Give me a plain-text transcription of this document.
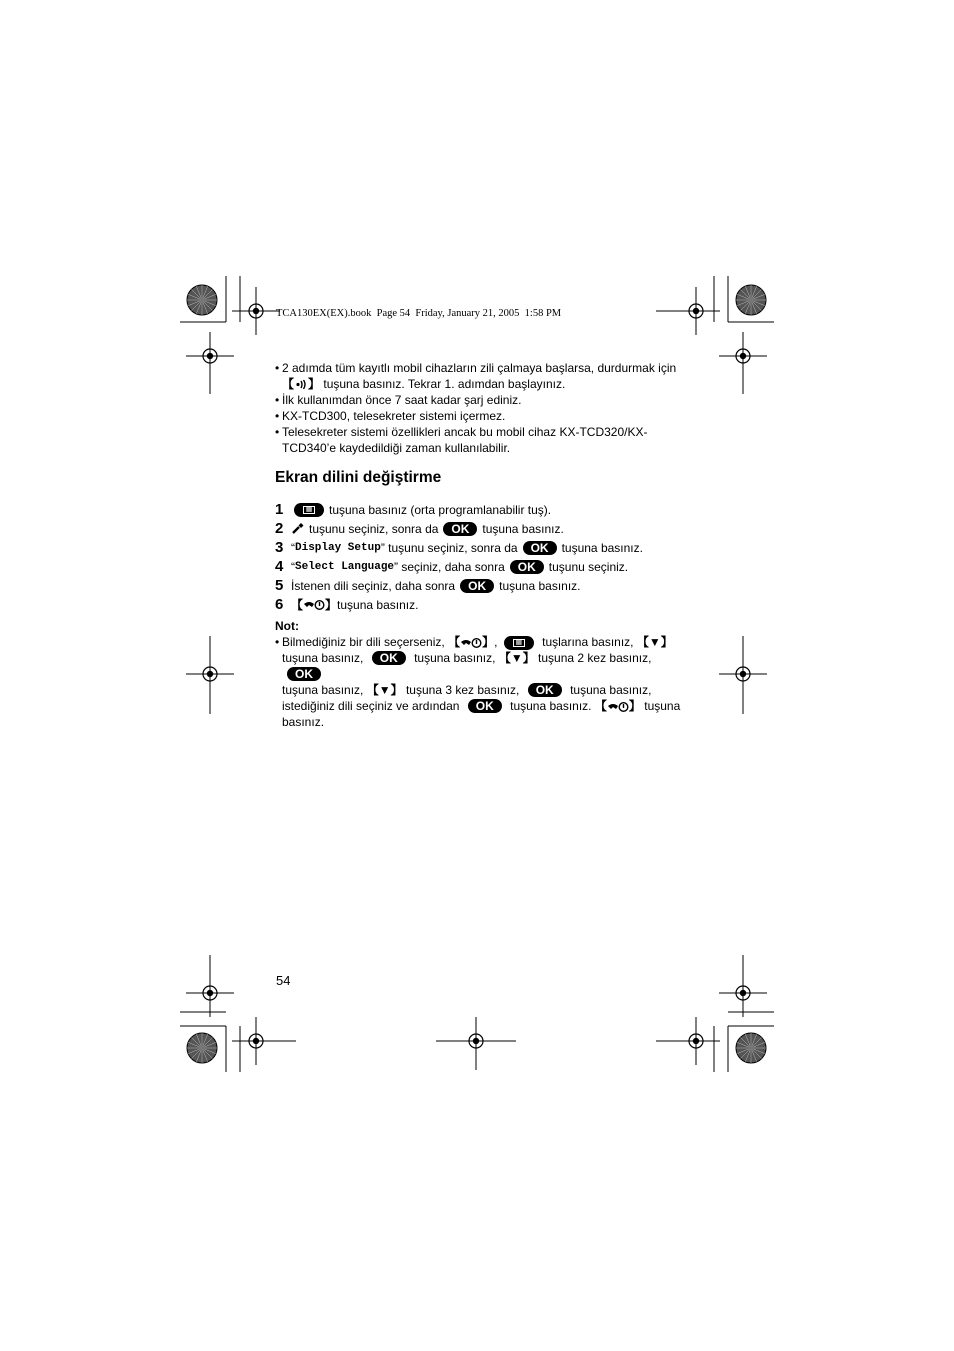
TCA130EX(EX).book  Page 54  Friday, January 21, 2005  1:58 PM
• 2 adımda tüm kayıtlı mobil cihazların zili çalmaya başlarsa, durdurmak için
【 】 tuşuna basınız. Tekrar 1. adımdan başlayınız.
• İlk kullanımdan önce 7 saat kadar şarj ediniz.
• KX-TCD300, telesekreter sistemi içermez.
• Telesekreter sistemi özellikleri ancak bu mobil cihaz KX-TCD320/KX-
TCD340’e kaydedildiği zaman kullanılabilir.
Ekran dilini değiştirme
1	▦ tuşuna basınız (orta programlanabilir tuş).
2	tuşunu seçiniz, sonra da	OK	tuşuna basınız.
3 “ Display Setup ” tuşunu seçiniz, sonra da	OK	tuşuna basınız.
4 “ Select Language ” seçiniz, daha sonra	OK	tuşunu seçiniz.
5 İstenen dili seçiniz, daha sonra	OK	tuşuna basınız.
6 【 】 tuşuna basınız.
Not:
• Bilmediğiniz bir dili seçerseniz, 【 】,	▦ tuşlarına basınız, 【▼】
tuşuna basınız, OK tuşuna basınız, 【▼】 tuşuna 2 kez basınız, OK
tuşuna basınız, 【▼】 tuşuna 3 kez basınız, OK tuşuna basınız,
istediğiniz dili seçiniz ve ardından OK tuşuna basınız. 【 】 tuşuna
basınız.
54
